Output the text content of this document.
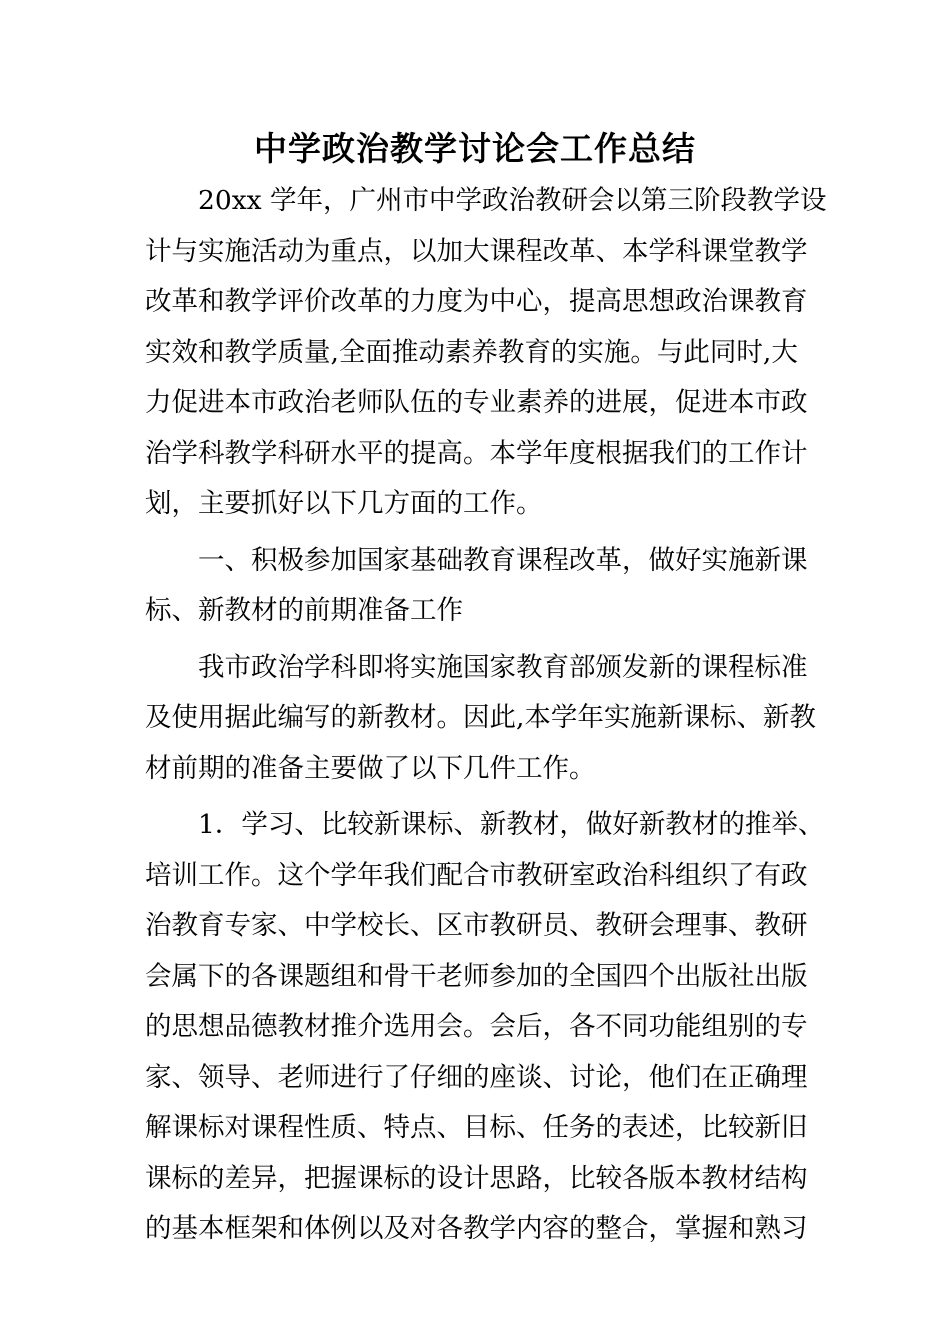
中学政治教学讨论会工作总结
20xx 学年，广州市中学政治教研会以第三阶段教学设
计与实施活动为重点，以加大课程改革、本学科课堂教学
改革和教学评价改革的力度为中心，提高思想政治课教育
实效和教学质量,全面推动素养教育的实施。与此同时,大
力促进本市政治老师队伍的专业素养的进展，促进本市政
治学科教学科研水平的提高。本学年度根据我们的工作计
划，主要抓好以下几方面的工作。
一、积极参加国家基础教育课程改革，做好实施新课
标、新教材的前期准备工作
我市政治学科即将实施国家教育部颁发新的课程标准
及使用据此编写的新教材。因此,本学年实施新课标、新教
材前期的准备主要做了以下几件工作。
1．学习、比较新课标、新教材，做好新教材的推举、
培训工作。这个学年我们配合市教研室政治科组织了有政
治教育专家、中学校长、区市教研员、教研会理事、教研
会属下的各课题组和骨干老师参加的全国四个出版社出版
的思想品德教材推介选用会。会后，各不同功能组别的专
家、领导、老师进行了仔细的座谈、讨论，他们在正确理
解课标对课程性质、特点、目标、任务的表述，比较新旧
课标的差异，把握课标的设计思路，比较各版本教材结构
的基本框架和体例以及对各教学内容的整合，掌握和熟习
